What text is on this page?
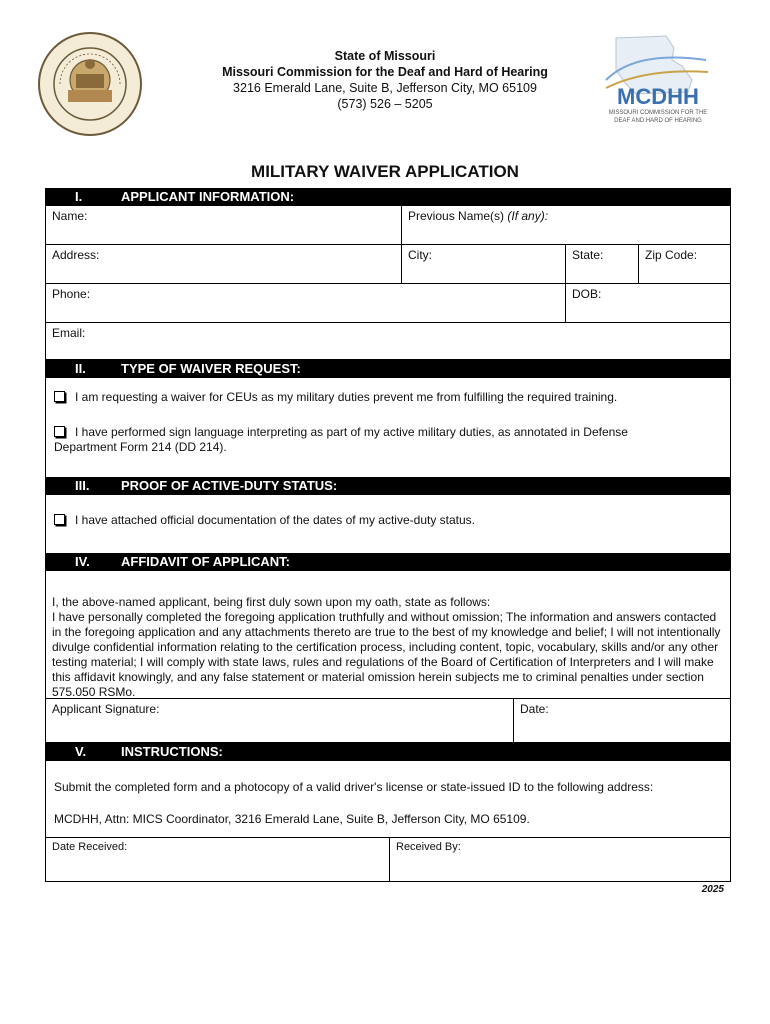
MCDHH
MISSOURI COMMISSION FOR THE
DEAF AND HARD OF HEARING
State of Missouri
Missouri Commission for the Deaf and Hard of Hearing
3216 Emerald Lane, Suite B, Jefferson City, MO 65109
(573) 526 – 5205
MILITARY WAIVER APPLICATION
I.	APPLICANT INFORMATION:
Name:	Previous Name(s) (If any):
Address:	City:	State:	Zip Code:
Phone:	DOB:
Email:
II.	TYPE OF WAIVER REQUEST:
I am requesting a waiver for CEUs as my military duties prevent me from fulfilling the required training.
I have performed sign language interpreting as part of my active military duties, as annotated in Defense
Department Form 214 (DD 214).
III. PROOF OF ACTIVE-DUTY STATUS:
I have attached official documentation of the dates of my active-duty status.
IV. AFFIDAVIT OF APPLICANT:
I, the above-named applicant, being first duly sown upon my oath, state as follows:
I have personally completed the foregoing application truthfully and without omission; The information and answers contacted in the foregoing application and any attachments thereto are true to the best of my knowledge and belief; I will not intentionally divulge confidential information relating to the certification process, including content, topic, vocabulary, skills and/or any other testing material; I will comply with state laws, rules and regulations of the Board of Certification of Interpreters and I will make this affidavit knowingly, and any false statement or material omission herein subjects me to criminal penalties under section 575.050 RSMo.
Applicant Signature:	Date:
V.	INSTRUCTIONS:

Submit the completed form and a photocopy of a valid driver's license or state-issued ID to the following address:

MCDHH, Attn: MICS Coordinator, 3216 Emerald Lane, Suite B, Jefferson City, MO 65109.

Date Received:	Received By:
2025
